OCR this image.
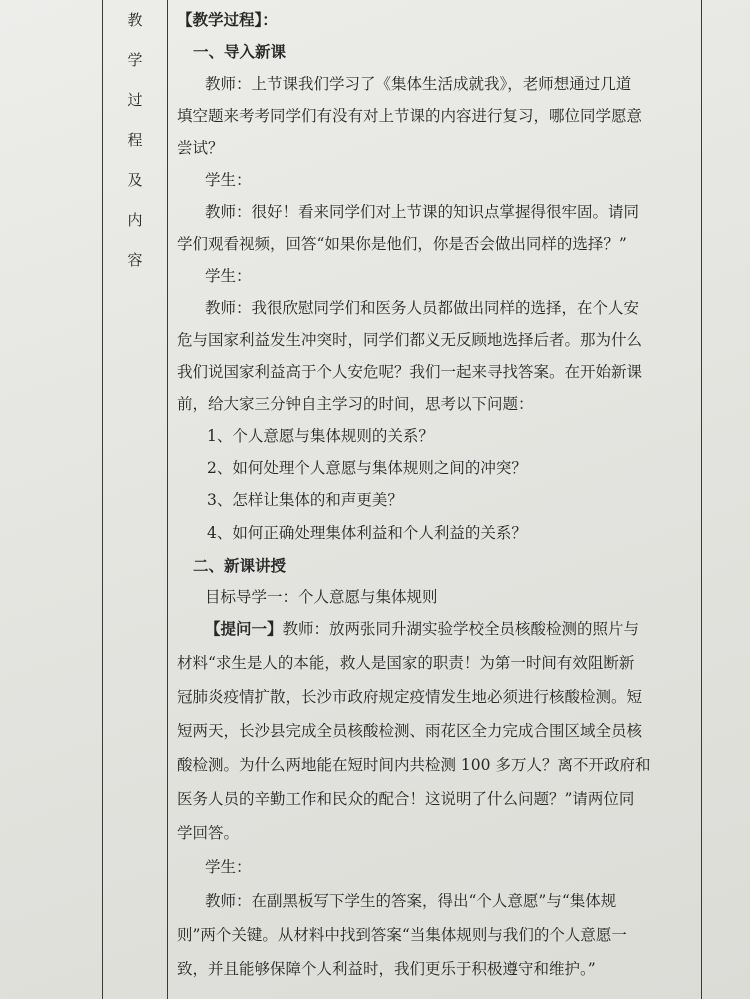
教
学
过
程
及
内
容
【教学过程】：
一、导入新课
教师：上节课我们学习了《集体生活成就我》，老师想通过几道
填空题来考考同学们有没有对上节课的内容进行复习，哪位同学愿意
尝试？
学生：
教师：很好！看来同学们对上节课的知识点掌握得很牢固。请同
学们观看视频，回答“如果你是他们，你是否会做出同样的选择？”
学生：
教师：我很欣慰同学们和医务人员都做出同样的选择，在个人安
危与国家利益发生冲突时，同学们都义无反顾地选择后者。那为什么
我们说国家利益高于个人安危呢？我们一起来寻找答案。在开始新课
前，给大家三分钟自主学习的时间，思考以下问题：
1、个人意愿与集体规则的关系？
2、如何处理个人意愿与集体规则之间的冲突？
3、怎样让集体的和声更美？
4、如何正确处理集体利益和个人利益的关系？
二、新课讲授
目标导学一：个人意愿与集体规则
【提问一】教师：放两张同升湖实验学校全员核酸检测的照片与
材料“求生是人的本能，救人是国家的职责！为第一时间有效阻断新
冠肺炎疫情扩散，长沙市政府规定疫情发生地必须进行核酸检测。短
短两天，长沙县完成全员核酸检测、雨花区全力完成合围区域全员核
酸检测。为什么两地能在短时间内共检测 100 多万人？离不开政府和
医务人员的辛勤工作和民众的配合！这说明了什么问题？”请两位同
学回答。
学生：
教师：在副黑板写下学生的答案，得出“个人意愿”与“集体规
则”两个关键。从材料中找到答案“当集体规则与我们的个人意愿一
致，并且能够保障个人利益时，我们更乐于积极遵守和维护。”
